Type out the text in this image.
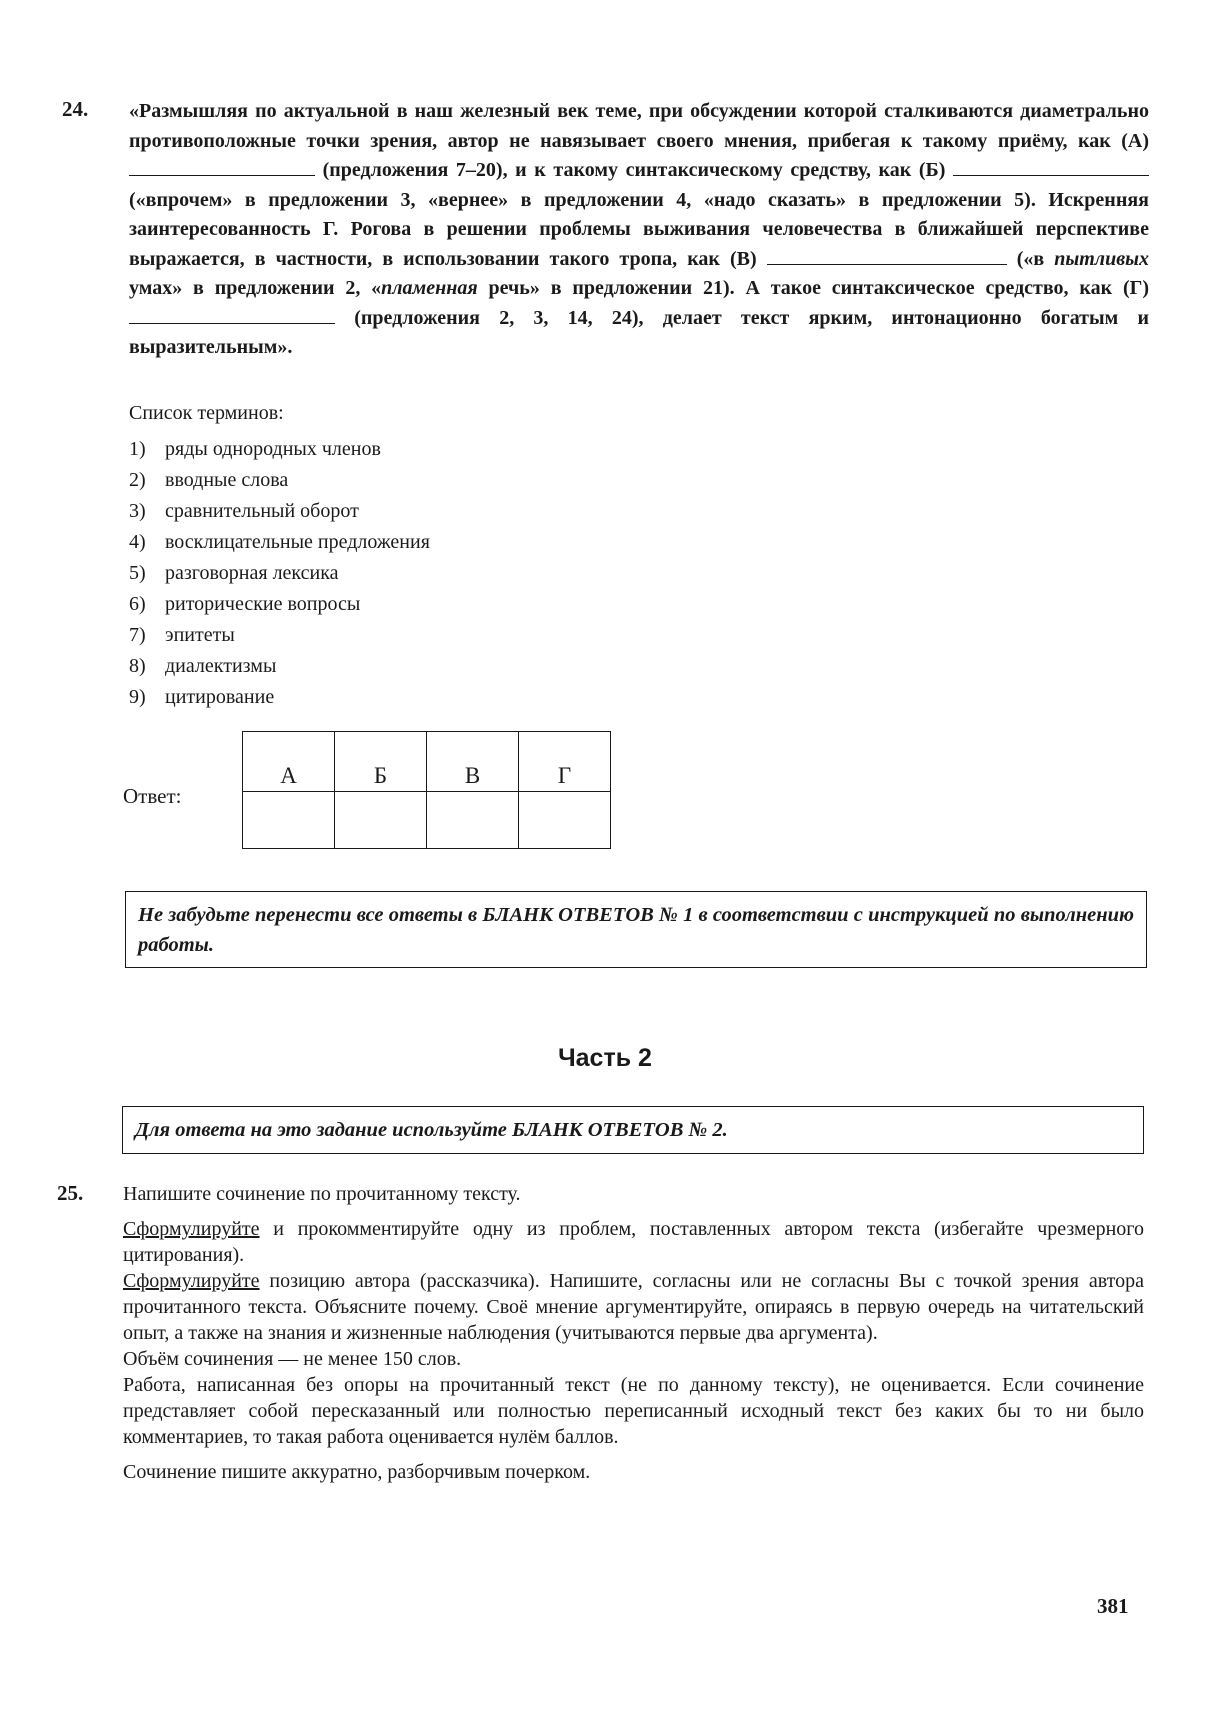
24. «Размышляя по актуальной в наш железный век теме, при обсуждении которой сталкиваются диаметрально противоположные точки зрения, автор не навязывает своего мнения, прибегая к такому приёму, как (А)  (предложения 7–20), и к такому синтаксическому средству, как (Б)  («впрочем» в предложении 3, «вернее» в предложении 4, «надо сказать» в предложении 5). Искренняя заинтересованность Г. Рогова в решении проблемы выживания человечества в ближайшей перспективе выражается, в частности, в использовании такого тропа, как (В)	(«в пытливых умах» в предложении 2, «пламенная речь» в предложении 21). А такое синтаксическое средство, как (Г)  (предложения 2, 3, 14, 24), делает текст ярким, интонационно богатым и выразительным».
Список терминов:
1) ряды однородных членов
2) вводные слова
3) сравнительный оборот
4) восклицательные предложения
5) разговорная лексика
6) риторические вопросы
7) эпитеты
8) диалектизмы
9) цитирование
Ответ:
А	Б	В	Г

Не забудьте перенести все ответы в БЛАНК ОТВЕТОВ № 1 в соответствии с инструкцией по выполнению работы.
Часть 2
Для ответа на это задание используйте БЛАНК ОТВЕТОВ № 2.
25. Напишите сочинение по прочитанному тексту.

Сформулируйте и прокомментируйте одну из проблем, поставленных автором текста (избегайте чрезмерного цитирования).

Сформулируйте позицию автора (рассказчика). Напишите, согласны или не согласны Вы с точкой зрения автора прочитанного текста. Объясните почему. Своё мнение аргументируйте, опираясь в первую очередь на читательский опыт, а также на знания и жизненные наблюдения (учитываются первые два аргумента).

Объём сочинения — не менее 150 слов.

Работа, написанная без опоры на прочитанный текст (не по данному тексту), не оценивается. Если сочинение представляет собой пересказанный или полностью переписанный исходный текст без каких бы то ни было комментариев, то такая работа оценивается нулём баллов.

Сочинение пишите аккуратно, разборчивым почерком.

381
